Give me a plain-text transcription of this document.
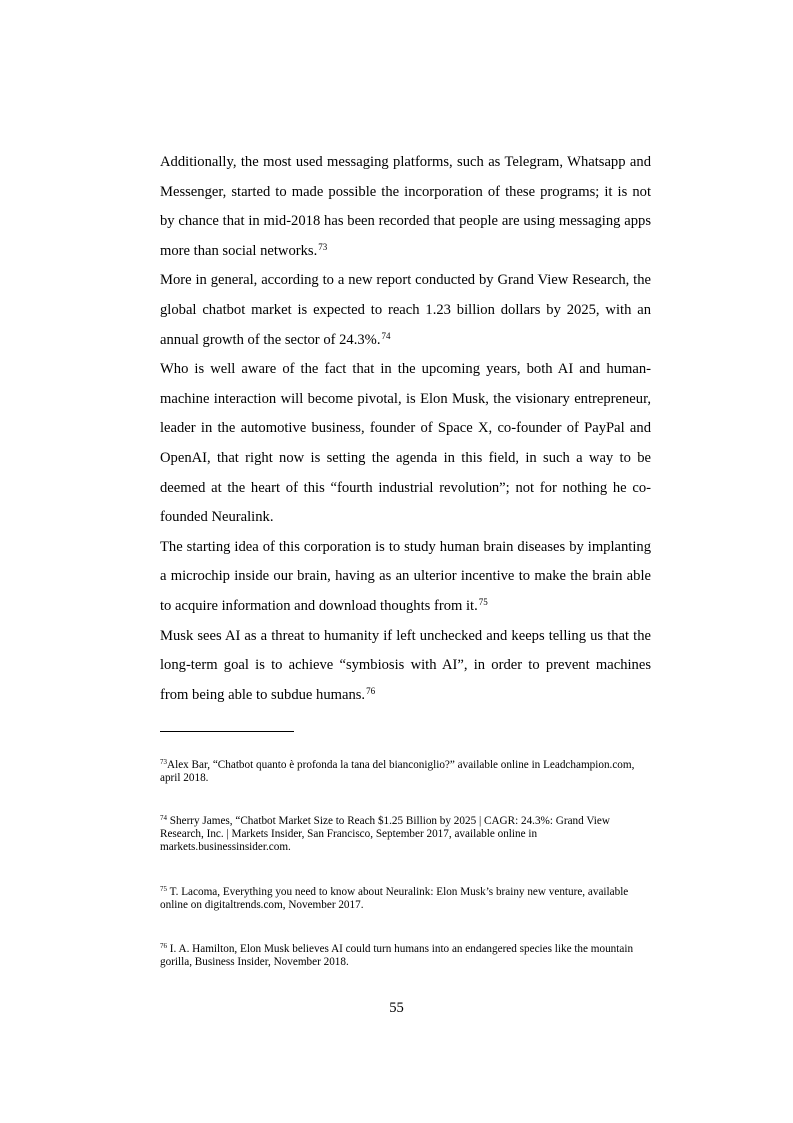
Additionally, the most used messaging platforms, such as Telegram, Whatsapp and Messenger, started to made possible the incorporation of these programs; it is not by chance that in mid-2018 has been recorded that people are using messaging apps more than social networks.$^{73}$

More in general, according to a new report conducted by Grand View Research, the global chatbot market is expected to reach 1.23 billion dollars by 2025, with an annual growth of the sector of 24.3%.$^{74}$

Who is well aware of the fact that in the upcoming years, both AI and human-machine interaction will become pivotal, is Elon Musk, the visionary entrepreneur, leader in the automotive business, founder of Space X, co-founder of PayPal and OpenAI, that right now is setting the agenda in this field, in such a way to be deemed at the heart of this “fourth industrial revolution”; not for nothing he co-founded Neuralink.

The starting idea of this corporation is to study human brain diseases by implanting a microchip inside our brain, having as an ulterior incentive to make the brain able to acquire information and download thoughts from it.$^{75}$

Musk sees AI as a threat to humanity if left unchecked and keeps telling us that the long-term goal is to achieve “symbiosis with AI”, in order to prevent machines from being able to subdue humans.$^{76}$

$^{73}$Alex Bar, “Chatbot quanto è profonda la tana del bianconiglio?” available online in Leadchampion.com, april 2018.
$^{74}$ Sherry James, “Chatbot Market Size to Reach $1.25 Billion by 2025 | CAGR: 24.3%: Grand View Research, Inc. | Markets Insider, San Francisco, September 2017, available online in markets.businessinsider.com.
$^{75}$ T. Lacoma, Everything you need to know about Neuralink: Elon Musk’s brainy new venture, available online on digitaltrends.com, November 2017.
$^{76}$ I. A. Hamilton, Elon Musk believes AI could turn humans into an endangered species like the mountain gorilla, Business Insider, November 2018.
55
